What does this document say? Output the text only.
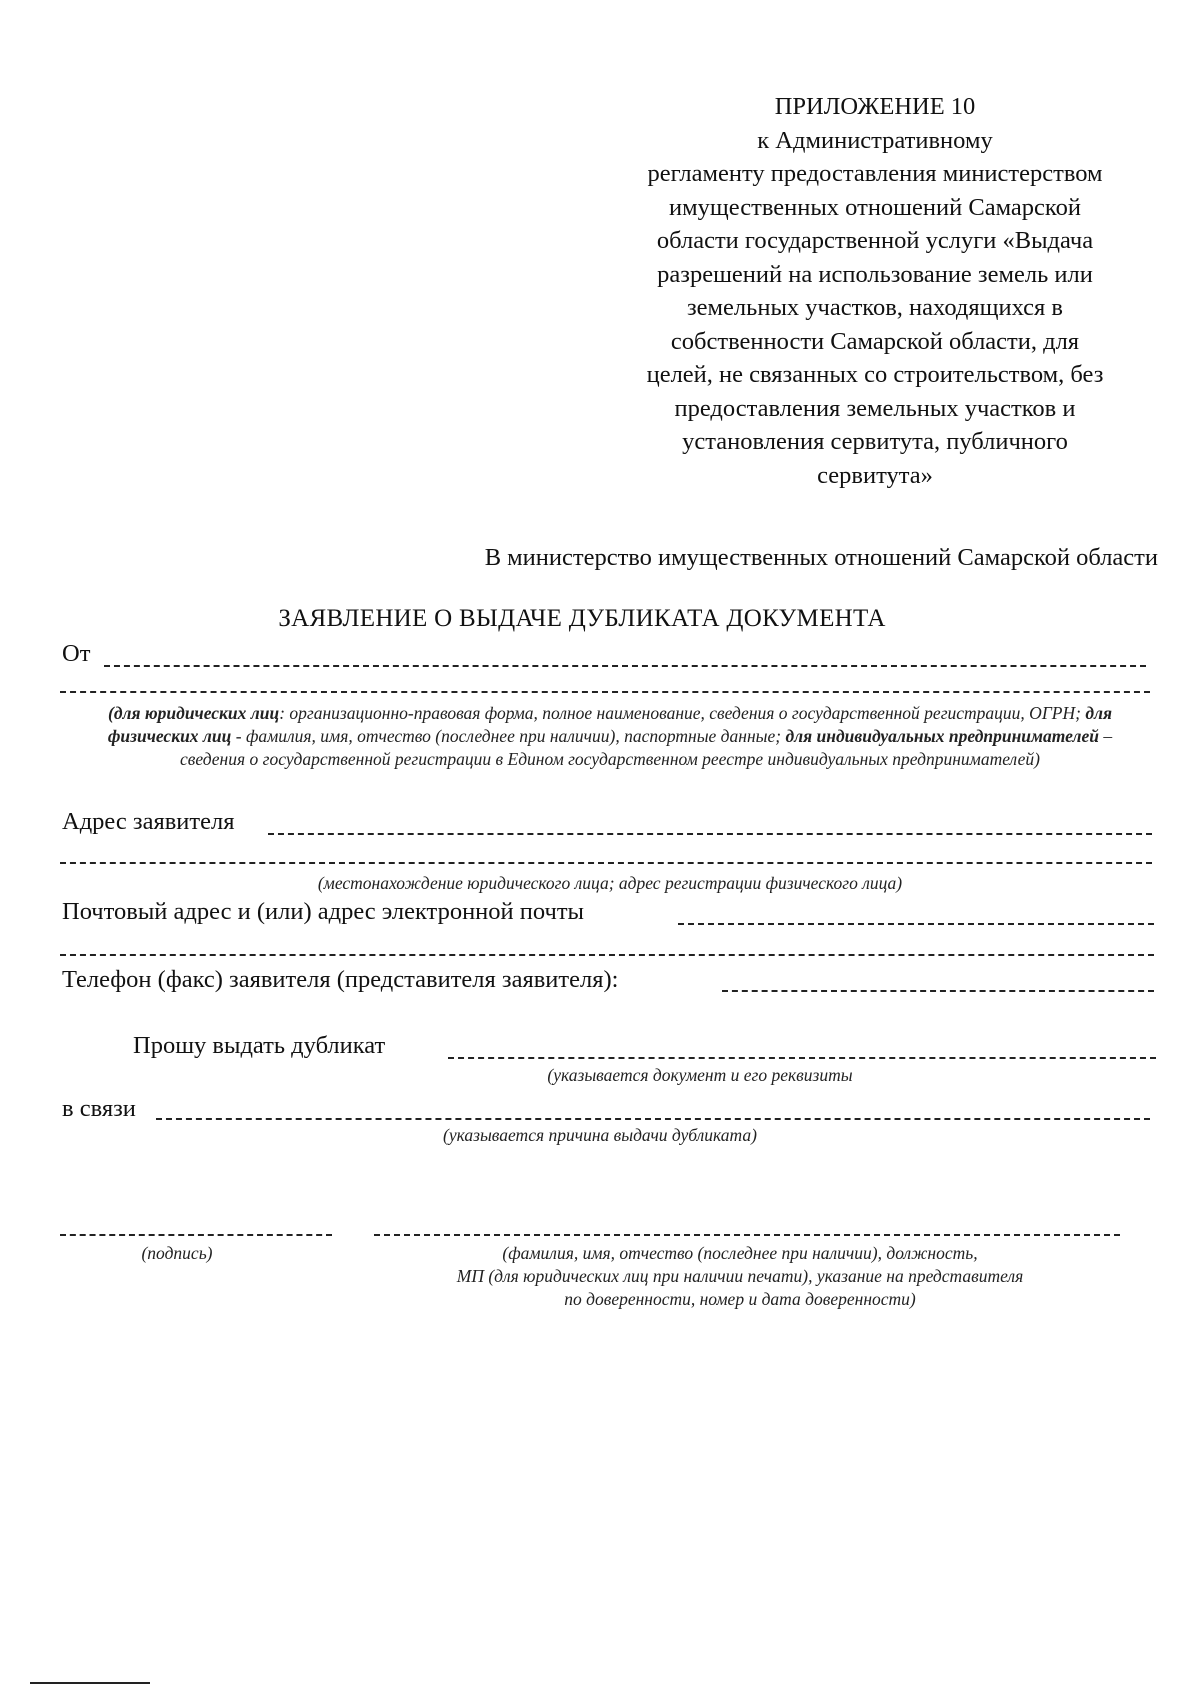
ПРИЛОЖЕНИЕ 10
к Административному
регламенту предоставления министерством
имущественных отношений Самарской
области государственной услуги «Выдача
разрешений на использование земель или
земельных участков, находящихся в
собственности Самарской области, для
целей, не связанных со строительством, без
предоставления земельных участков и
установления сервитута, публичного
сервитута»
В министерство имущественных отношений Самарской области
ЗАЯВЛЕНИЕ О ВЫДАЧЕ ДУБЛИКАТА ДОКУМЕНТА
От
(для юридических лиц: организационно-правовая форма, полное наименование, сведения о государственной регистрации, ОГРН; для физических лиц - фамилия, имя, отчество (последнее при наличии), паспортные данные; для индивидуальных предпринимателей – сведения о государственной регистрации в Едином государственном реестре индивидуальных предпринимателей)
Адрес заявителя
(местонахождение юридического лица; адрес регистрации физического лица)
Почтовый адрес и (или) адрес электронной почты
Телефон (факс) заявителя (представителя заявителя):
Прошу выдать дубликат
(указывается документ и его реквизиты
в связи
(указывается причина выдачи дубликата)
(подпись)	(фамилия, имя, отчество (последнее при наличии), должность,
МП (для юридических лиц при наличии печати), указание на представителя
по доверенности, номер и дата доверенности)
